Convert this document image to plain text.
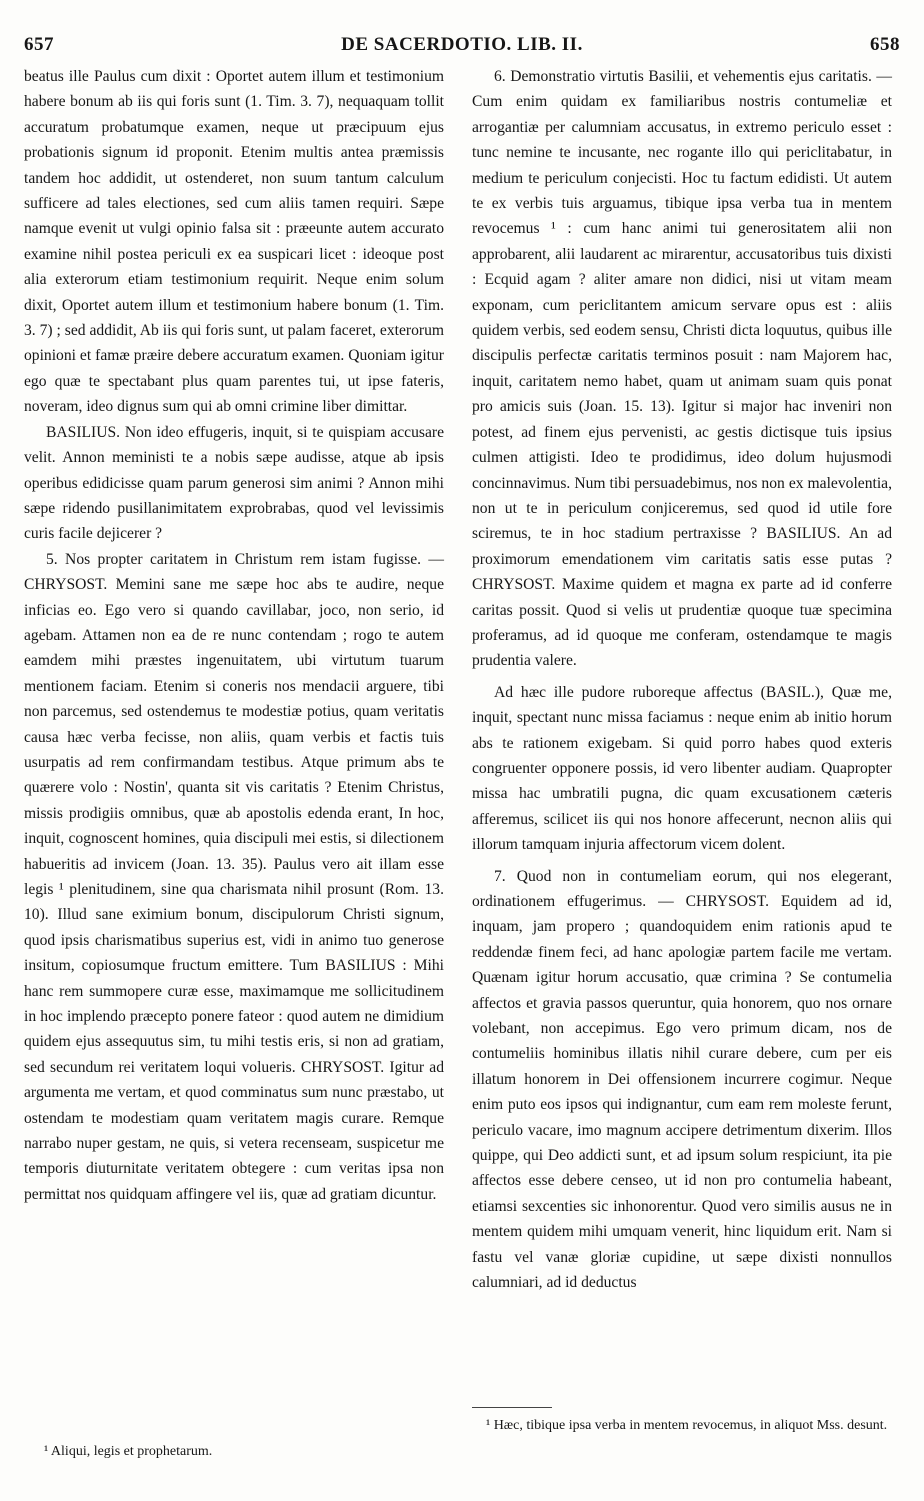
657	DE SACERDOTIO. LIB. II.	658

beatus ille Paulus cum dixit : Oportet autem illum et testimonium habere bonum ab iis qui foris sunt (1. Tim. 3. 7), nequaquam tollit accuratum probatumque examen, neque ut præcipuum ejus probationis signum id proponit. Etenim multis antea præmissis tandem hoc addidit, ut ostenderet, non suum tantum calculum sufficere ad tales electiones, sed cum aliis tamen requiri. Sæpe namque evenit ut vulgi opinio falsa sit : præeunte autem accurato examine nihil postea periculi ex ea suspicari licet : ideoque post alia exterorum etiam testimonium requirit. Neque enim solum dixit, Oportet autem illum et testimonium habere bonum (1. Tim. 3. 7) ; sed addidit, Ab iis qui foris sunt, ut palam faceret, exterorum opinioni et famæ præire debere accuratum examen. Quoniam igitur ego quæ te spectabant plus quam parentes tui, ut ipse fateris, noveram, ideo dignus sum qui ab omni crimine liber dimittar.

BASILIUS. Non ideo effugeris, inquit, si te quispiam accusare velit. Annon meministi te a nobis sæpe audisse, atque ab ipsis operibus edidicisse quam parum generosi sim animi ? Annon mihi sæpe ridendo pusillanimitatem exprobrabas, quod vel levissimis curis facile dejicerer ?

5. Nos propter caritatem in Christum rem istam fugisse. — CHRYSOST. Memini sane me sæpe hoc abs te audire, neque inficias eo. Ego vero si quando cavillabar, joco, non serio, id agebam. Attamen non ea de re nunc contendam ; rogo te autem eamdem mihi præstes ingenuitatem, ubi virtutum tuarum mentionem faciam. Etenim si coneris nos mendacii arguere, tibi non parcemus, sed ostendemus te modestiæ potius, quam veritatis causa hæc verba fecisse, non aliis, quam verbis et factis tuis usurpatis ad rem confirmandam testibus. Atque primum abs te quærere volo : Nostin', quanta sit vis caritatis ? Etenim Christus, missis prodigiis omnibus, quæ ab apostolis edenda erant, In hoc, inquit, cognoscent homines, quia discipuli mei estis, si dilectionem habueritis ad invicem (Joan. 13. 35). Paulus vero ait illam esse legis ¹ plenitudinem, sine qua charismata nihil prosunt (Rom. 13. 10). Illud sane eximium bonum, discipulorum Christi signum, quod ipsis charismatibus superius est, vidi in animo tuo generose insitum, copiosumque fructum emittere. Tum BASILIUS : Mihi hanc rem summopere curæ esse, maximamque me sollicitudinem in hoc implendo præcepto ponere fateor : quod autem ne dimidium quidem ejus assequutus sim, tu mihi testis eris, si non ad gratiam, sed secundum rei veritatem loqui volueris. CHRYSOST. Igitur ad argumenta me vertam, et quod comminatus sum nunc præstabo, ut ostendam te modestiam quam veritatem magis curare. Remque narrabo nuper gestam, ne quis, si vetera recenseam, suspicetur me temporis diuturnitate veritatem obtegere : cum veritas ipsa non permittat nos quidquam affingere vel iis, quæ ad gratiam dicuntur.

6. Demonstratio virtutis Basilii, et vehementis ejus caritatis. — Cum enim quidam ex familiaribus nostris contumeliæ et arrogantiæ per calumniam accusatus, in extremo periculo esset : tunc nemine te incusante, nec rogante illo qui periclitabatur, in medium te periculum conjecisti. Hoc tu factum edidisti. Ut autem te ex verbis tuis arguamus, tibique ipsa verba tua in mentem revocemus ¹ : cum hanc animi tui generositatem alii non approbarent, alii laudarent ac mirarentur, accusatoribus tuis dixisti : Ecquid agam ? aliter amare non didici, nisi ut vitam meam exponam, cum periclitantem amicum servare opus est : aliis quidem verbis, sed eodem sensu, Christi dicta loquutus, quibus ille discipulis perfectæ caritatis terminos posuit : nam Majorem hac, inquit, caritatem nemo habet, quam ut animam suam quis ponat pro amicis suis (Joan. 15. 13). Igitur si major hac inveniri non potest, ad finem ejus pervenisti, ac gestis dictisque tuis ipsius culmen attigisti. Ideo te prodidimus, ideo dolum hujusmodi concinnavimus. Num tibi persuadebimus, nos non ex malevolentia, non ut te in periculum conjiceremus, sed quod id utile fore sciremus, te in hoc stadium pertraxisse ? BASILIUS. An ad proximorum emendationem vim caritatis satis esse putas ? CHRYSOST. Maxime quidem et magna ex parte ad id conferre caritas possit. Quod si velis ut prudentiæ quoque tuæ specimina proferamus, ad id quoque me conferam, ostendamque te magis prudentia valere.

Ad hæc ille pudore ruboreque affectus (BASIL.), Quæ me, inquit, spectant nunc missa faciamus : neque enim ab initio horum abs te rationem exigebam. Si quid porro habes quod exteris congruenter opponere possis, id vero libenter audiam. Quapropter missa hac umbratili pugna, dic quam excusationem cæteris afferemus, scilicet iis qui nos honore affecerunt, necnon aliis qui illorum tamquam injuria affectorum vicem dolent.

7. Quod non in contumeliam eorum, qui nos elegerant, ordinationem effugerimus. — CHRYSOST. Equidem ad id, inquam, jam propero ; quandoquidem enim rationis apud te reddendæ finem feci, ad hanc apologiæ partem facile me vertam. Quænam igitur horum accusatio, quæ crimina ? Se contumelia affectos et gravia passos queruntur, quia honorem, quo nos ornare volebant, non accepimus. Ego vero primum dicam, nos de contumeliis hominibus illatis nihil curare debere, cum per eis illatum honorem in Dei offensionem incurrere cogimur. Neque enim puto eos ipsos qui indignantur, cum eam rem moleste ferunt, periculo vacare, imo magnum accipere detrimentum dixerim. Illos quippe, qui Deo addicti sunt, et ad ipsum solum respiciunt, ita pie affectos esse debere censeo, ut id non pro contumelia habeant, etiamsi sexcenties sic inhonorentur. Quod vero similis ausus ne in mentem quidem mihi umquam venerit, hinc liquidum erit. Nam si fastu vel vanæ gloriæ cupidine, ut sæpe dixisti nonnullos calumniari, ad id deductus

¹ Hæc, tibique ipsa verba in mentem revocemus, in aliquot Mss. desunt.
¹ Aliqui, legis et prophetarum.
